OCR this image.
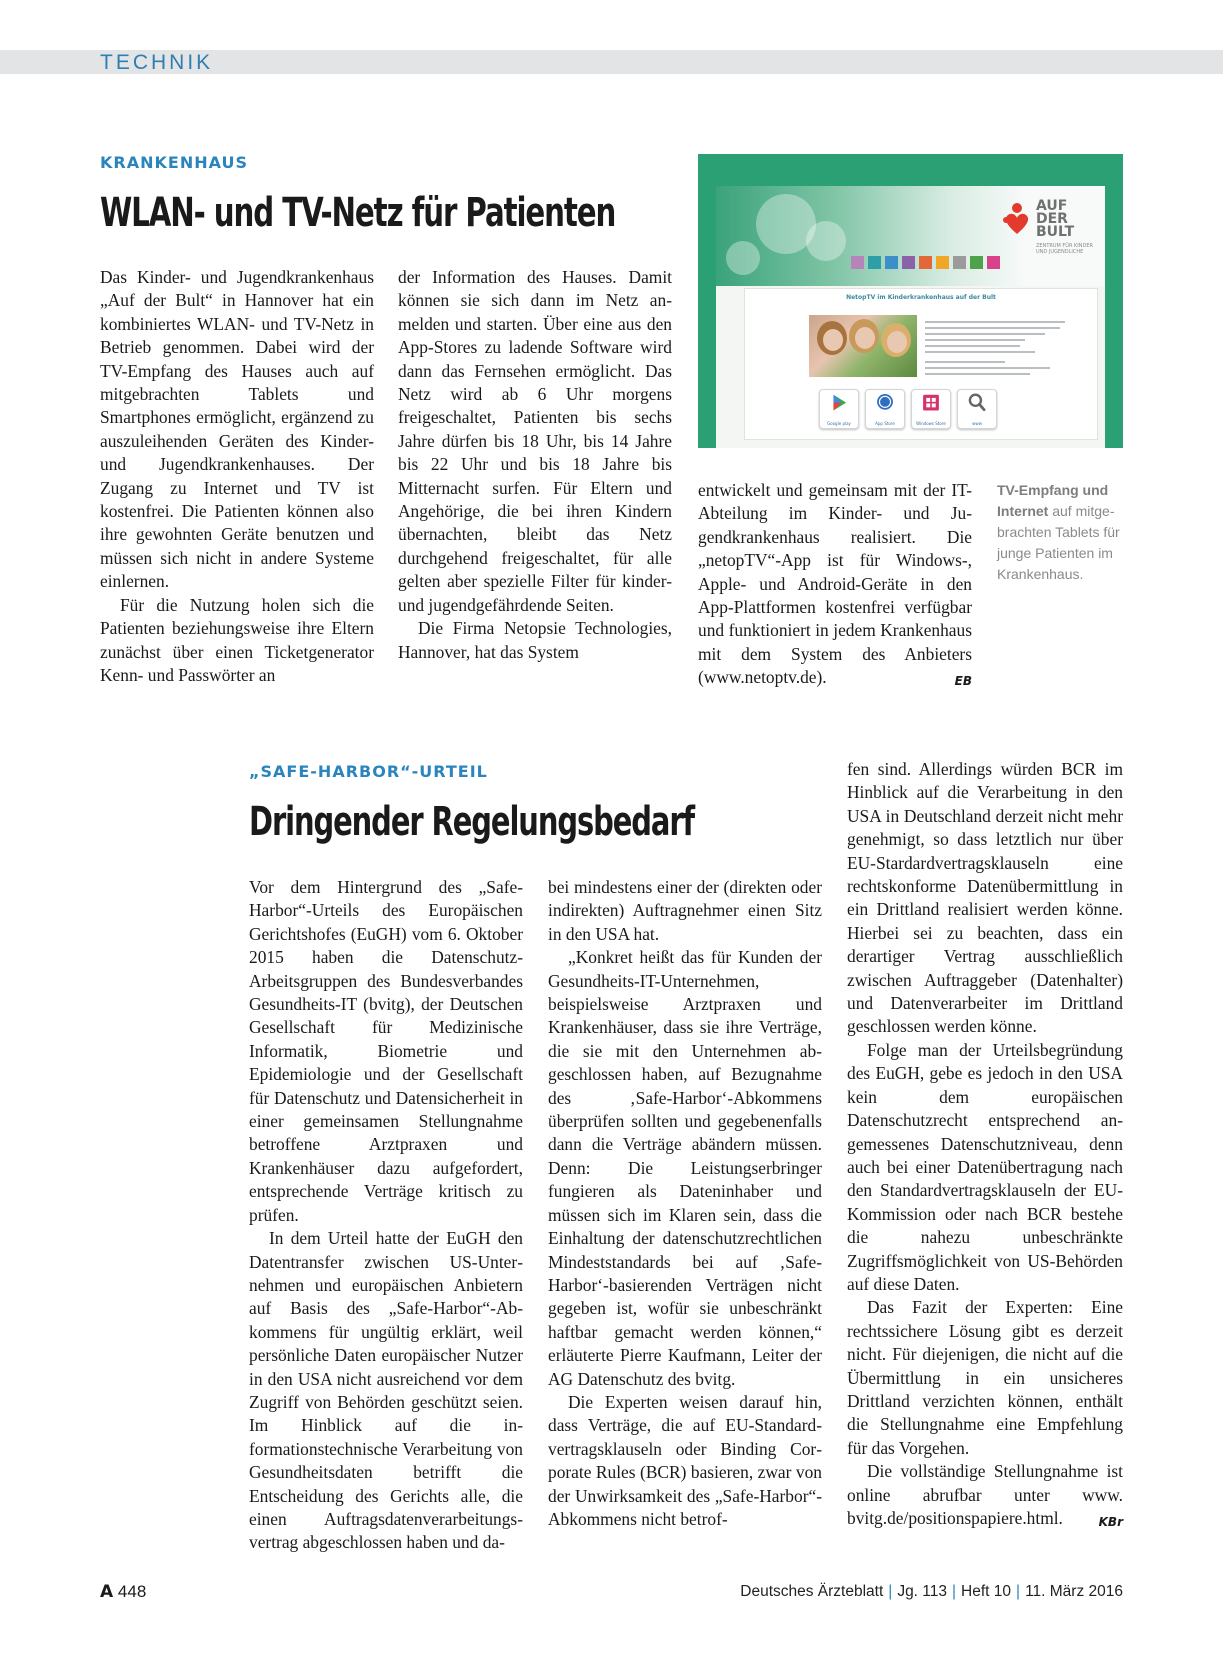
TECHNIK
KRANKENHAUS
WLAN- und TV-Netz für Patienten

Das Kinder- und Jugendkrankenhaus „Auf der Bult“ in Hannover hat ein kombiniertes WLAN- und TV-Netz in Betrieb genommen. Dabei wird der TV-Empfang des Hauses auch auf mitgebrachten Tablets und Smartphones ermöglicht, ergänzend zu auszuleihenden Geräten des Kinder- und Jugendkrankenhauses. Der Zugang zu Internet und TV ist kostenfrei. Die Patienten können also ihre gewohnten Geräte benutzen und müssen sich nicht in andere Systeme einlernen.

Für die Nutzung holen sich die Patienten beziehungsweise ihre Eltern zunächst über einen Ticketgenerator Kenn- und Passwörter an

der Information des Hauses. Damit können sie sich dann im Netz anmelden und starten. Über eine aus den App-Stores zu ladende Software wird dann das Fernsehen ermöglicht. Das Netz wird ab 6 Uhr morgens freigeschaltet, Patienten bis sechs Jahre dürfen bis 18 Uhr, bis 14 Jahre bis 22 Uhr und bis 18 Jahre bis Mitternacht surfen. Für Eltern und Angehörige, die bei ihren Kindern übernachten, bleibt das Netz durchgehend freigeschaltet, für alle gelten aber spezielle Filter für kinder- und jugendgefährdende Seiten.

Die Firma Netopsie Technologies, Hannover, hat das System

entwickelt und gemeinsam mit der IT-Abteilung im Kinder- und Jugendkrankenhaus realisiert. Die „netopTV“-App ist für Windows-, Apple- und Android-Geräte in den App-Plattformen kostenfrei verfügbar und funktioniert in jedem Krankenhaus mit dem System des Anbieters (www.netoptv.de).	EB

AUF
DER
BULT
ZENTRUM FÜR KINDER UND JUGENDLICHE
NetopTV im Kinderkrankenhaus auf der Bult
Google play	App Store	Windows Store	www
TV-Empfang und Internet auf mitgebrachten Tablets für junge Patienten im Krankenhaus.
„SAFE-HARBOR“-URTEIL
Dringender Regelungsbedarf

Vor dem Hintergrund des „Safe-Harbor“-Urteils des Europäischen Gerichtshofes (EuGH) vom 6. Oktober 2015 haben die Datenschutz-Arbeitsgruppen des Bundesverbandes Gesundheits-IT (bvitg), der Deutschen Gesellschaft für Medizinische Informatik, Biometrie und Epidemiologie und der Gesellschaft für Datenschutz und Datensicherheit in einer gemeinsamen Stellungnahme betroffene Arztpraxen und Krankenhäuser dazu aufgefordert, entsprechende Verträge kritisch zu prüfen.

In dem Urteil hatte der EuGH den Datentransfer zwischen US-Unternehmen und europäischen Anbietern auf Basis des „Safe-Harbor“-Abkommens für ungültig erklärt, weil persönliche Daten europäischer Nutzer in den USA nicht ausreichend vor dem Zugriff von Behörden geschützt seien. Im Hinblick auf die informationstechnische Verarbeitung von Gesundheitsdaten betrifft die Entscheidung des Gerichts alle, die einen Auftragsdatenverarbeitungsvertrag abgeschlossen haben und da-

bei mindestens einer der (direkten oder indirekten) Auftragnehmer einen Sitz in den USA hat.

„Konkret heißt das für Kunden der Gesundheits-IT-Unternehmen, beispielsweise Arztpraxen und Krankenhäuser, dass sie ihre Verträge, die sie mit den Unternehmen abgeschlossen haben, auf Bezugnahme des ‚Safe-Harbor‘-Abkommens überprüfen sollten und gegebenenfalls dann die Verträge abändern müssen. Denn: Die Leistungserbringer fungieren als Dateninhaber und müssen sich im Klaren sein, dass die Einhaltung der datenschutzrechtlichen Mindeststandards bei auf ‚Safe-Harbor‘-basierenden Verträgen nicht gegeben ist, wofür sie unbeschränkt haftbar gemacht werden können,“ erläuterte Pierre Kaufmann, Leiter der AG Datenschutz des bvitg.

Die Experten weisen darauf hin, dass Verträge, die auf EU-Standardvertragsklauseln oder Binding Corporate Rules (BCR) basieren, zwar von der Unwirksamkeit des „Safe-Harbor“-Abkommens nicht betrof-

fen sind. Allerdings würden BCR im Hinblick auf die Verarbeitung in den USA in Deutschland derzeit nicht mehr genehmigt, so dass letztlich nur über EU-Stardardvertragsklauseln eine rechtskonforme Datenübermittlung in ein Drittland realisiert werden könne. Hierbei sei zu beachten, dass ein derartiger Vertrag ausschließlich zwischen Auftraggeber (Datenhalter) und Datenverarbeiter im Drittland geschlossen werden könne.

Folge man der Urteilsbegründung des EuGH, gebe es jedoch in den USA kein dem europäischen Datenschutzrecht entsprechend angemessenes Datenschutzniveau, denn auch bei einer Datenübertragung nach den Standardvertragsklauseln der EU-Kommission oder nach BCR bestehe die nahezu unbeschränkte Zugriffsmöglichkeit von US-Behörden auf diese Daten.

Das Fazit der Experten: Eine rechtssichere Lösung gibt es derzeit nicht. Für diejenigen, die nicht auf die Übermittlung in ein unsicheres Drittland verzichten können, enthält die Stellungnahme eine Empfehlung für das Vorgehen.

Die vollständige Stellungnahme ist online abrufbar unter www. bvitg.de/positionspapiere.html.	KBr

A 448	Deutsches Ärzteblatt | Jg. 113 | Heft 10 | 11. März 2016
